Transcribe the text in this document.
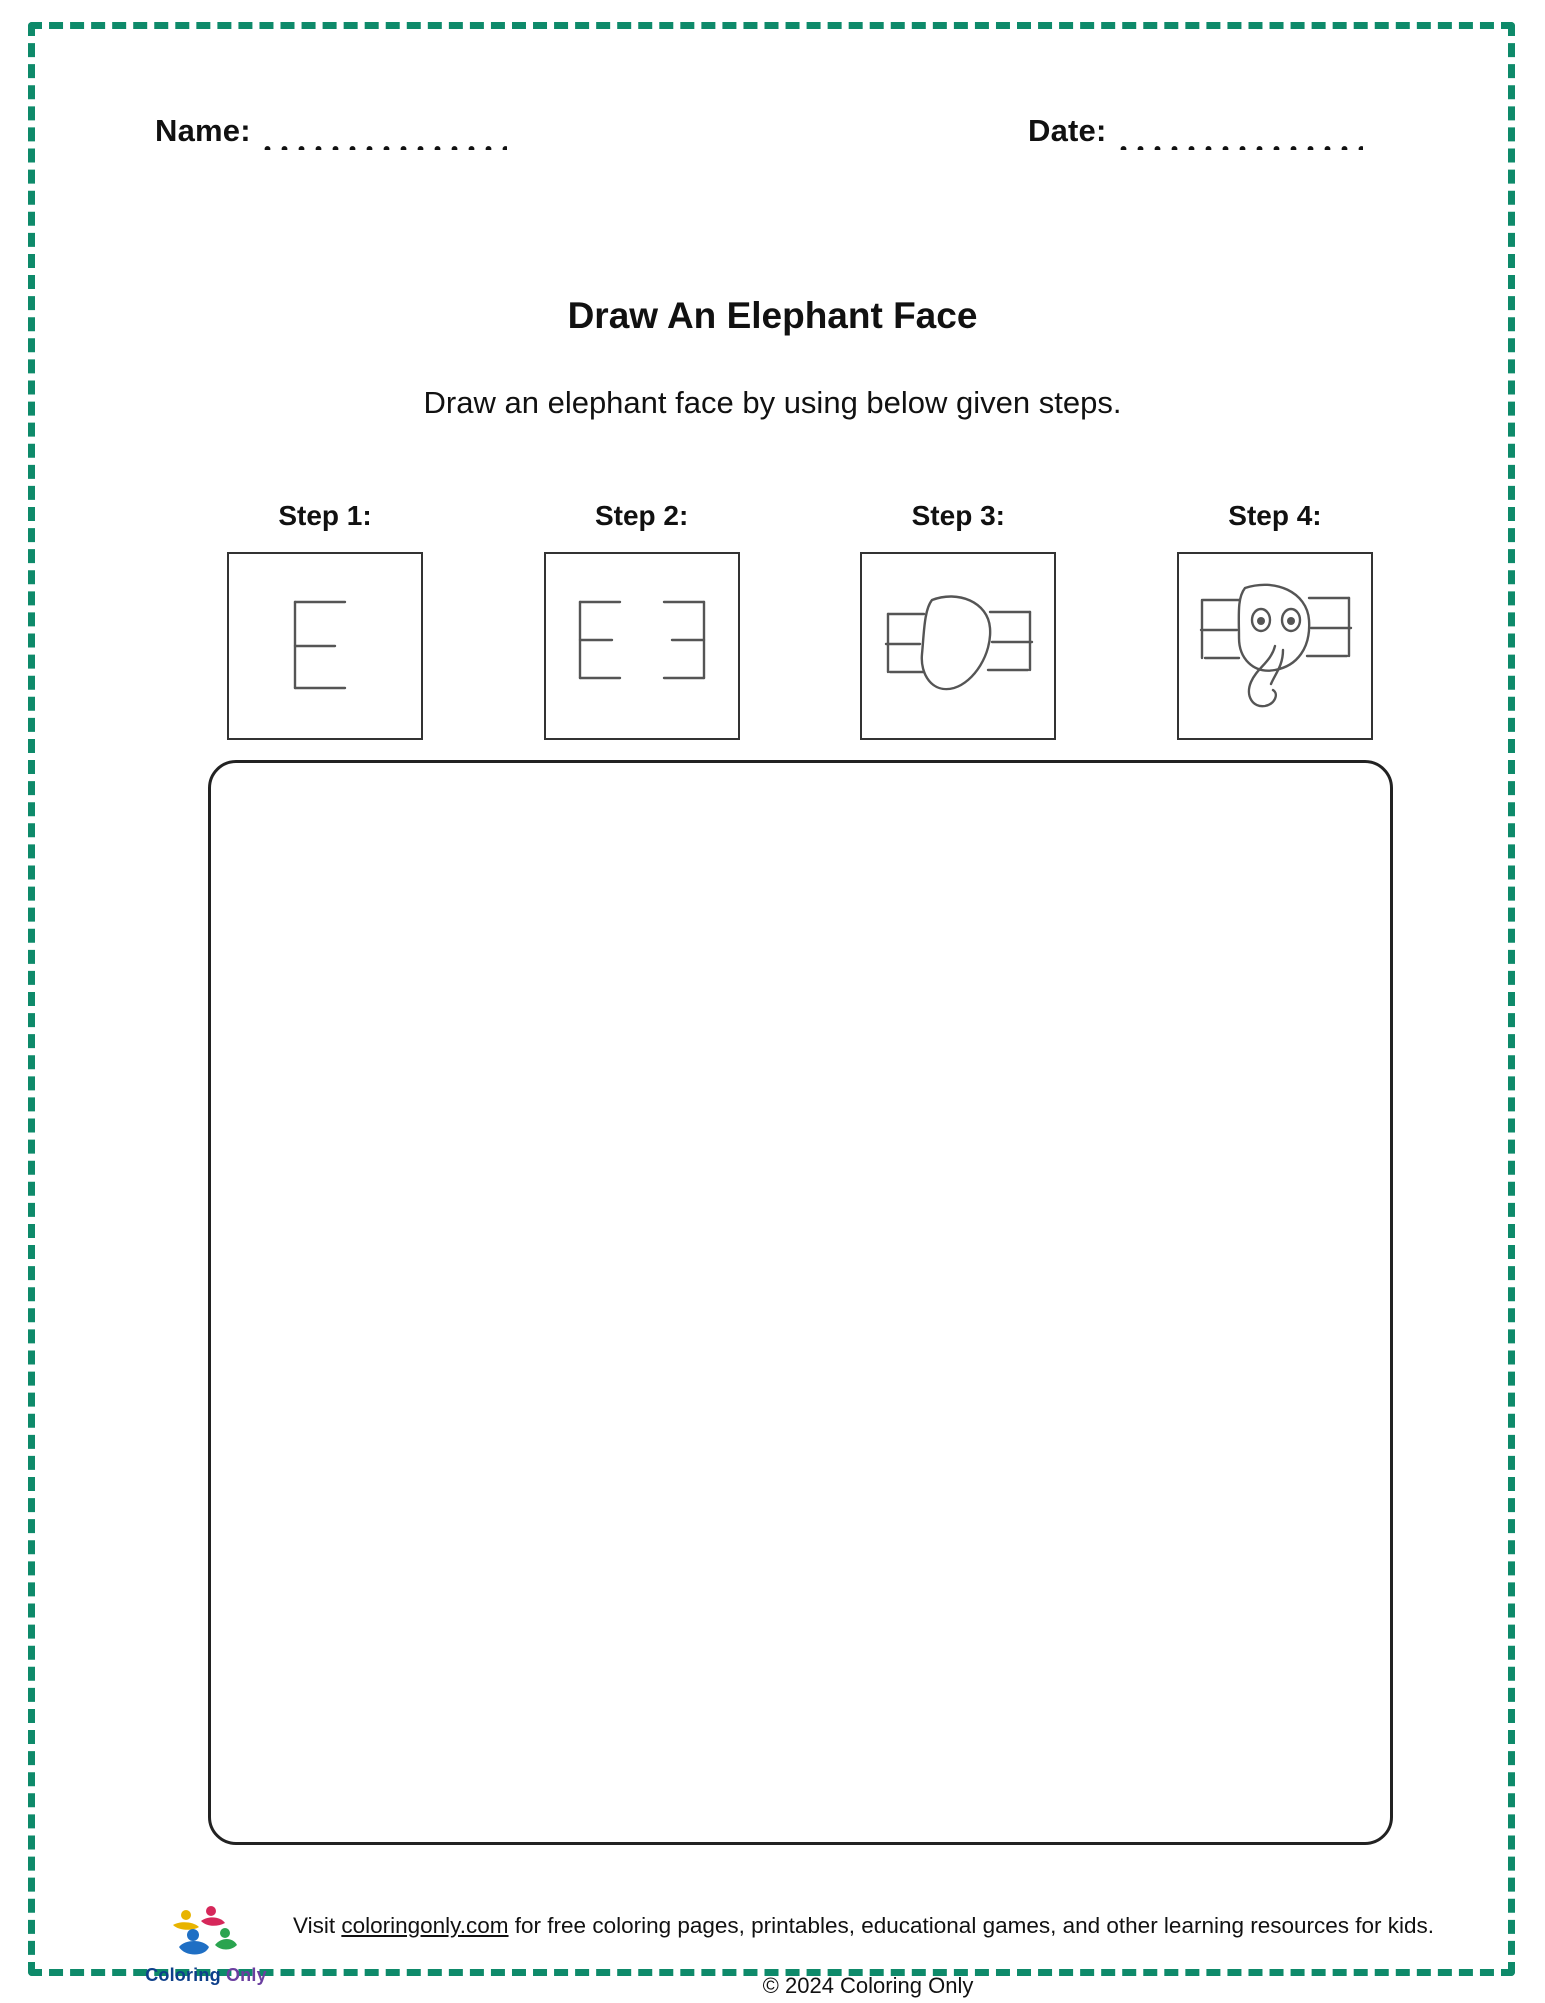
Name:	Date:
Draw An Elephant Face
Draw an elephant face by using below given steps.
Step 1:	Step 2:	Step 3:	Step 4:
Coloring Only
Visit coloringonly.com for free coloring pages, printables, educational games, and other learning resources for kids.
© 2024 Coloring Only
